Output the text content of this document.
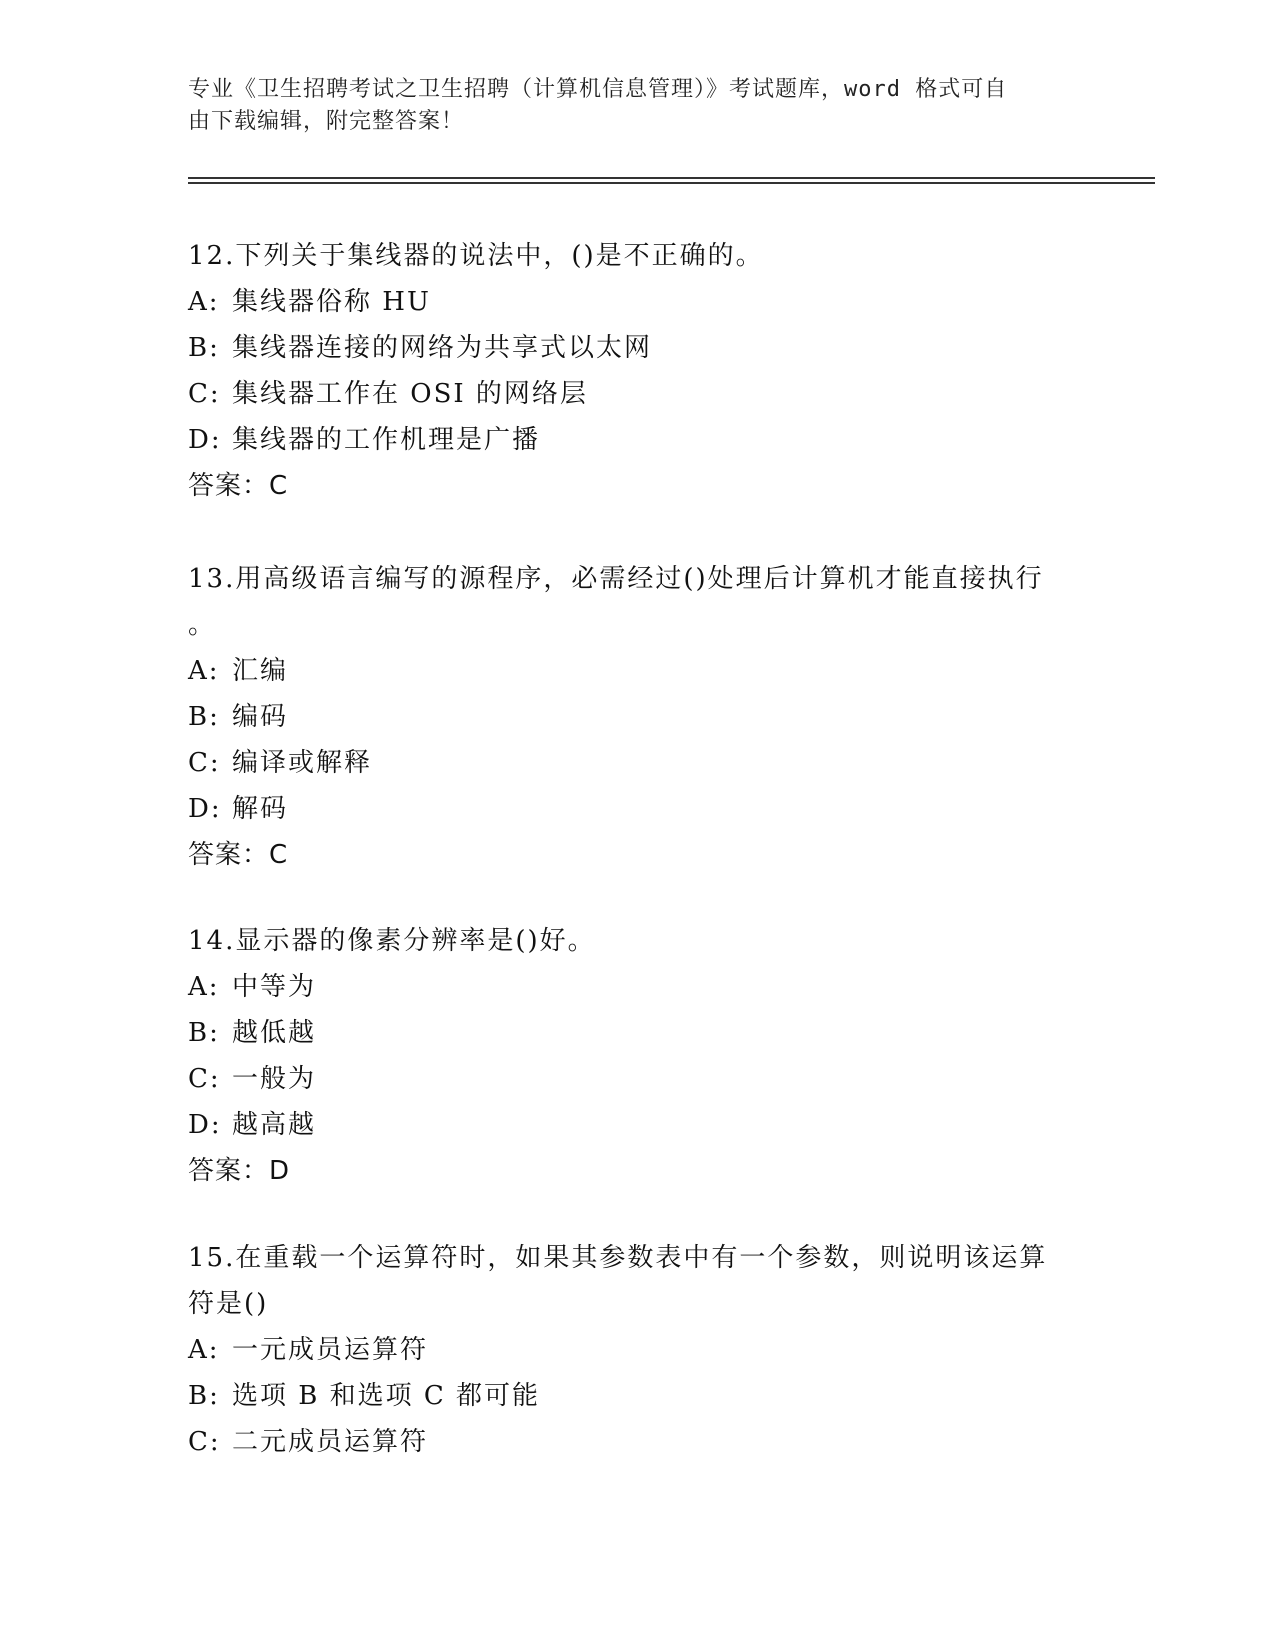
专业《卫生招聘考试之卫生招聘（计算机信息管理）》考试题库，word 格式可自
由下载编辑，附完整答案！

12.下列关于集线器的说法中，()是不正确的。

A: 集线器俗称 HU

B: 集线器连接的网络为共享式以太网

C: 集线器工作在 OSI 的网络层

D: 集线器的工作机理是广播

答案：C

13.用高级语言编写的源程序，必需经过()处理后计算机才能直接执行

。

A: 汇编

B: 编码

C: 编译或解释

D: 解码

答案：C

14.显示器的像素分辨率是()好。

A: 中等为

B: 越低越

C: 一般为

D: 越高越

答案：D

15.在重载一个运算符时，如果其参数表中有一个参数，则说明该运算

符是()

A: 一元成员运算符

B: 选项 B 和选项 C 都可能

C: 二元成员运算符
